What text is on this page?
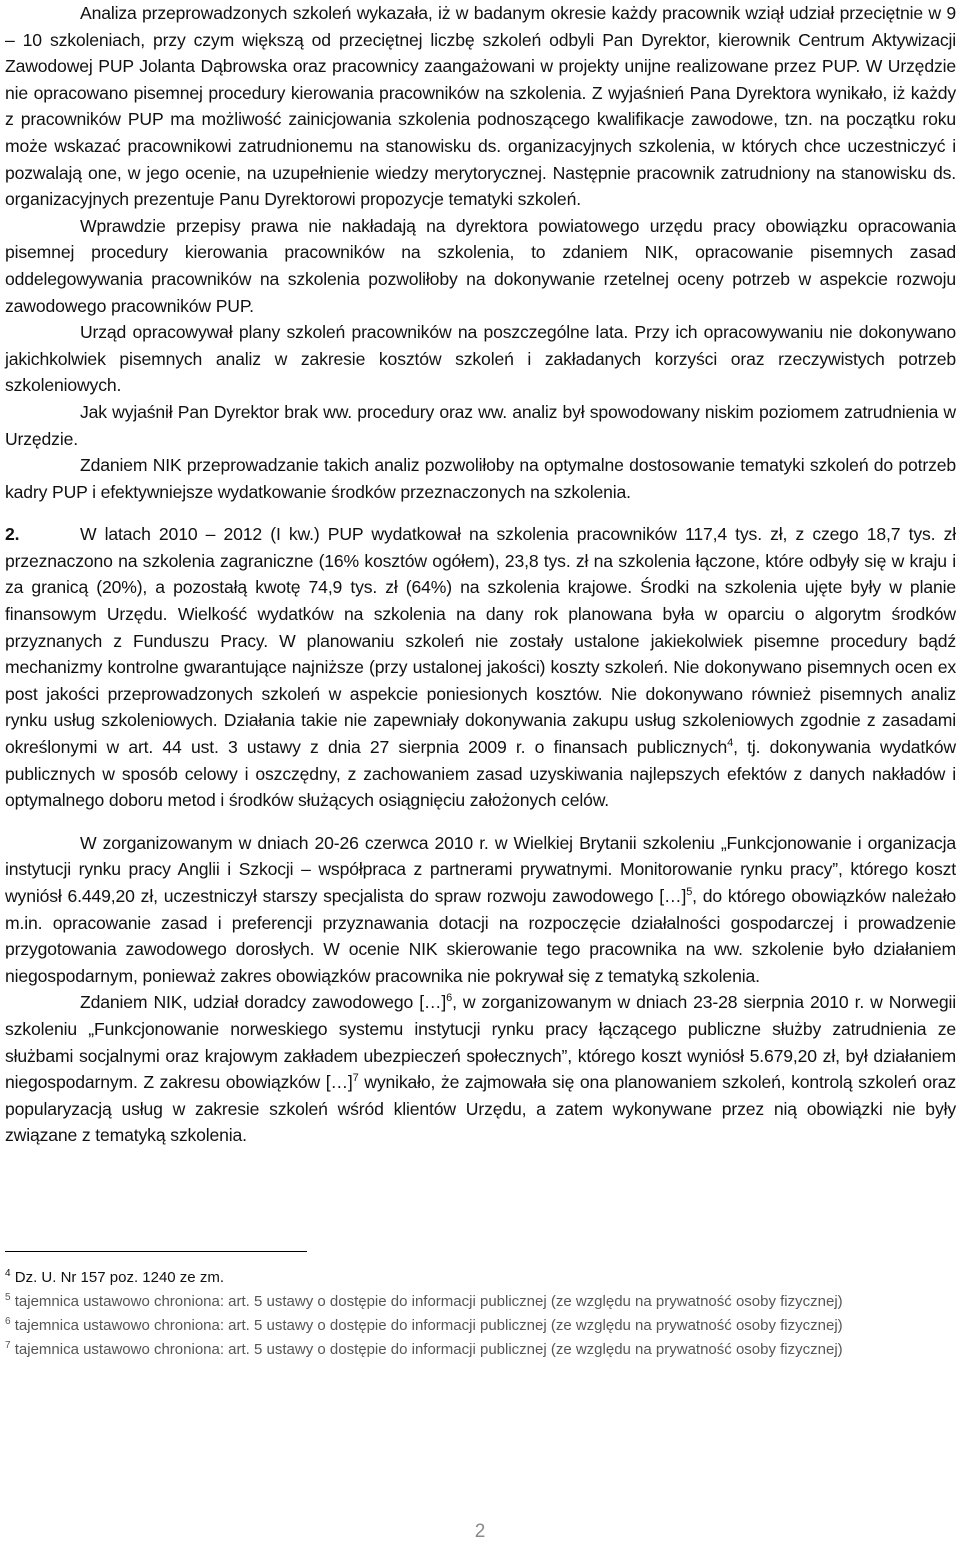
Analiza przeprowadzonych szkoleń wykazała, iż w badanym okresie każdy pracownik wziął udział przeciętnie w 9 – 10 szkoleniach, przy czym większą od przeciętnej liczbę szkoleń odbyli Pan Dyrektor, kierownik Centrum Aktywizacji Zawodowej PUP Jolanta Dąbrowska oraz pracownicy zaangażowani w projekty unijne realizowane przez PUP. W Urzędzie nie opracowano pisemnej procedury kierowania pracowników na szkolenia. Z wyjaśnień Pana Dyrektora wynikało, iż każdy z pracowników PUP ma możliwość zainicjowania szkolenia podnoszącego kwalifikacje zawodowe, tzn. na początku roku może wskazać pracownikowi zatrudnionemu na stanowisku ds. organizacyjnych szkolenia, w których chce uczestniczyć i pozwalają one, w jego ocenie, na uzupełnienie wiedzy merytorycznej. Następnie pracownik zatrudniony na stanowisku ds. organizacyjnych prezentuje Panu Dyrektorowi propozycje tematyki szkoleń.

Wprawdzie przepisy prawa nie nakładają na dyrektora powiatowego urzędu pracy obowiązku opracowania pisemnej procedury kierowania pracowników na szkolenia, to zdaniem NIK, opracowanie pisemnych zasad oddelegowywania pracowników na szkolenia pozwoliłoby na dokonywanie rzetelnej oceny potrzeb w aspekcie rozwoju zawodowego pracowników PUP.

Urząd opracowywał plany szkoleń pracowników na poszczególne lata. Przy ich opracowywaniu nie dokonywano jakichkolwiek pisemnych analiz w zakresie kosztów szkoleń i zakładanych korzyści oraz rzeczywistych potrzeb szkoleniowych.

Jak wyjaśnił Pan Dyrektor brak ww. procedury oraz ww. analiz był spowodowany niskim poziomem zatrudnienia w Urzędzie.

Zdaniem NIK przeprowadzanie takich analiz pozwoliłoby na optymalne dostosowanie tematyki szkoleń do potrzeb kadry PUP i efektywniejsze wydatkowanie środków przeznaczonych na szkolenia.

2.	W latach 2010 – 2012 (I kw.) PUP wydatkował na szkolenia pracowników 117,4 tys. zł, z czego 18,7 tys. zł przeznaczono na szkolenia zagraniczne (16% kosztów ogółem), 23,8 tys. zł na szkolenia łączone, które odbyły się w kraju i za granicą (20%), a pozostałą kwotę 74,9 tys. zł (64%) na szkolenia krajowe. Środki na szkolenia ujęte były w planie finansowym Urzędu. Wielkość wydatków na szkolenia na dany rok planowana była w oparciu o algorytm środków przyznanych z Funduszu Pracy. W planowaniu szkoleń nie zostały ustalone jakiekolwiek pisemne procedury bądź mechanizmy kontrolne gwarantujące najniższe (przy ustalonej jakości) koszty szkoleń. Nie dokonywano pisemnych ocen ex post jakości przeprowadzonych szkoleń w aspekcie poniesionych kosztów. Nie dokonywano również pisemnych analiz rynku usług szkoleniowych. Działania takie nie zapewniały dokonywania zakupu usług szkoleniowych zgodnie z zasadami określonymi w art. 44 ust. 3 ustawy z dnia 27 sierpnia 2009 r. o finansach publicznych$^4$, tj. dokonywania wydatków publicznych w sposób celowy i oszczędny, z zachowaniem zasad uzyskiwania najlepszych efektów z danych nakładów i optymalnego doboru metod i środków służących osiągnięciu założonych celów.

W zorganizowanym w dniach 20-26 czerwca 2010 r. w Wielkiej Brytanii szkoleniu „Funkcjonowanie i organizacja instytucji rynku pracy Anglii i Szkocji – współpraca z partnerami prywatnymi. Monitorowanie rynku pracy”, którego koszt wyniósł 6.449,20 zł, uczestniczył starszy specjalista do spraw rozwoju zawodowego […]$^5$, do którego obowiązków należało m.in. opracowanie zasad i preferencji przyznawania dotacji na rozpoczęcie działalności gospodarczej i prowadzenie przygotowania zawodowego dorosłych. W ocenie NIK skierowanie tego pracownika na ww. szkolenie było działaniem niegospodarnym, ponieważ zakres obowiązków pracownika nie pokrywał się z tematyką szkolenia.

Zdaniem NIK, udział doradcy zawodowego […]$^6$, w zorganizowanym w dniach 23-28 sierpnia 2010 r. w Norwegii szkoleniu „Funkcjonowanie norweskiego systemu instytucji rynku pracy łączącego publiczne służby zatrudnienia ze służbami socjalnymi oraz krajowym zakładem ubezpieczeń społecznych”, którego koszt wyniósł 5.679,20 zł, był działaniem niegospodarnym. Z zakresu obowiązków […]$^7$ wynikało, że zajmowała się ona planowaniem szkoleń, kontrolą szkoleń oraz popularyzacją usług w zakresie szkoleń wśród klientów Urzędu, a zatem wykonywane przez nią obowiązki nie były związane z tematyką szkolenia.

$^4$ Dz. U. Nr 157 poz. 1240 ze zm.

$^5$ tajemnica ustawowo chroniona: art. 5 ustawy o dostępie do informacji publicznej (ze względu na prywatność osoby fizycznej)

$^6$ tajemnica ustawowo chroniona: art. 5 ustawy o dostępie do informacji publicznej (ze względu na prywatność osoby fizycznej)

$^7$ tajemnica ustawowo chroniona: art. 5 ustawy o dostępie do informacji publicznej (ze względu na prywatność osoby fizycznej)

2
